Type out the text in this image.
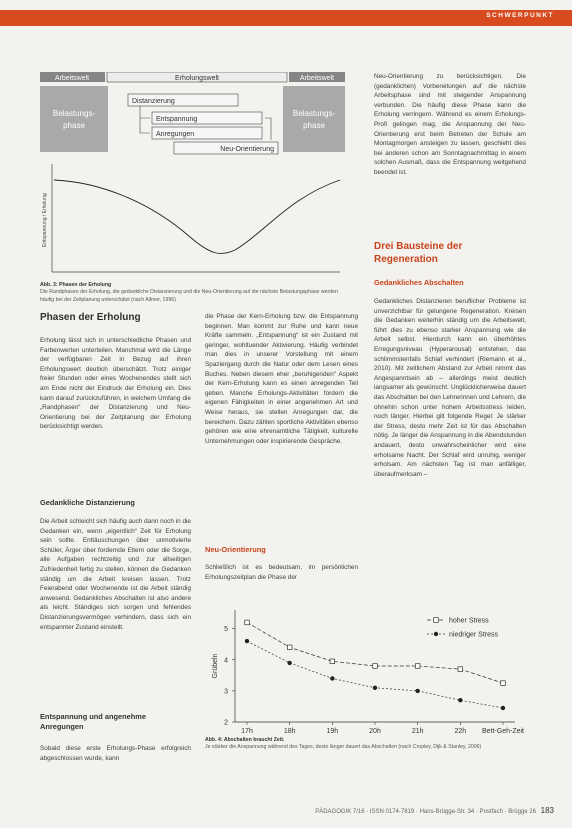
SCHWERPUNKT
Arbeitswelt	Erholungswelt	Arbeitswelt
Belastungs-
phase
Belastungs-
phase
Distanzierung
Entspannung
Anregungen
Neu-Orientierung
Entspannung / Erholung
Abb. 3: Phasen der Erholung
Die Randphasen der Erholung, die gedankliche Distanzierung und die Neu-Orientierung auf die nächste Belastungsphase werden häufig bei der Zeitplanung unterschätzt (nach Allmer, 1996)
Phasen der Erholung

Erholung lässt sich in unterschiedliche Phasen und Farbenwerten unterteilen. Manchmal wird die Länge der verfügbaren Zeit in Bezug auf ihren Erholungswert deutlich überschätzt. Trotz einiger freier Stunden oder eines Wochenendes stellt sich am Ende nicht der Eindruck der Erholung ein. Dies kann darauf zurückzuführen, in welchem Umfang die „Randphasen“ der Distanzierung und Neu-Orientierung bei der Zeitplanung der Erholung berücksichtigt werden.

Gedankliche Distanzierung

Die Arbeit schleicht sich häufig auch dann noch in die Gedanken ein, wenn „eigentlich“ Zeit für Erholung sein sollte. Enttäuschungen über unmotivierte Schüler, Ärger über fordernde Eltern oder die Sorge, alle Aufgaben rechtzeitig und zur allseitigen Zufriedenheit fertig zu stellen, können die Gedanken ständig um die Arbeit kreisen lassen. Trotz Feierabend oder Wochenende ist die Arbeit ständig anwesend. Gedankliches Abschalten ist also andere als leicht. Ständiges sich sorgen und fehlendes Distanzierungsvermögen verhindern, dass sich ein entspannter Zustand einstellt.

Entspannung und angenehme Anregungen

Sobald diese erste Erholungs-Phase erfolgreich abgeschlossen wurde, kann

die Phase der Kern-Erholung bzw. die Entspannung beginnen. Man kommt zur Ruhe und kann neue Kräfte sammeln. „Entspannung“ ist ein Zustand mit geringer, wohltuender Aktivierung. Häufig verbindet man dies in unserer Vorstellung mit einem Spaziergang durch die Natur oder dem Lesen eines Buches. Neben diesem eher „beruhigenden“ Aspekt der Kern-Erholung kann es einen anregenden Teil geben. Manche Erholungs-Aktivitäten fordern die eigenen Fähigkeiten in einer angenehmen Art und Weise heraus, sie stellen Anregungen dar, die bereichern. Dazu zählen sportliche Aktivitäten ebenso gehören wie eine ehrenamtliche Tätigkeit, kulturelle Unternehmungen oder inspirierende Gespräche.

Neu-Orientierung

Schließlich ist es bedeutsam, im persönlichen Erholungszeitplan die Phase der

Neu-Orientierung zu berücksichtigen. Die (gedanklichen) Vorbereitungen auf die nächste Arbeitsphase sind mit steigender Anspannung verbunden. Die häufig diese Phase kann die Erholung verringern. Während es einem Erholungs-Profi gelingen mag, die Anspannung der Neu-Orientierung erst beim Betreten der Schule am Montagmorgen ansteigen zu lassen, geschieht dies bei anderen schon am Sonntagnachmittag in einem solchen Ausmaß, dass die Entspannung weitgehend beendet ist.

Drei Bausteine der Regeneration
Gedankliches Abschalten

Gedankliches Distanzieren beruflicher Probleme ist unverzichtbar für gelungene Regeneration. Kreisen die Gedanken weiterhin ständig um die Arbeitswelt, führt dies zu ebenso starker Anspannung wie die Arbeit selbst. Hierdurch kann ein überhöhtes Erregungsniveau (Hyperarousal) entstehen, das schlimmstenfalls Schlaf verhindert (Riemann et al., 2010). Mit zeitlichem Abstand zur Arbeit nimmt das Angespanntsein ab – allerdings meist deutlich langsamer als gewünscht. Unglücklicherweise dauert das Abschalten bei den Lehrerinnen und Lehrern, die ohnehin schon unter hohem Arbeitsstress leiden, noch länger. Hierbei gilt folgende Regel: Je stärker der Stress, desto mehr Zeit ist für das Abschalten nötig. Je länger die Anspannung in die Abendstunden andauert, desto unwahrscheinlicher wird eine erholsame Nacht. Der Schlaf wird unruhig, weniger erholsam. Am nächsten Tag ist man anfälliger, überaufmerksam –

2
3
4
5
17h	18h	19h	20h	21h	22h Bett-Geh-Zeit
Grübeln
hoher Stress
niedriger Stress
Abb. 4: Abschalten braucht Zeit.
Je stärker die Anspannung während des Tages, desto länger dauert das Abschalten (nach Cropley, Dijk & Stanley, 2006)
PÄDAGOGIK 7/16 · ISSN 0174-7819 · Hans-Brügge-Str. 34 · Postfach · Brügge 26 183
